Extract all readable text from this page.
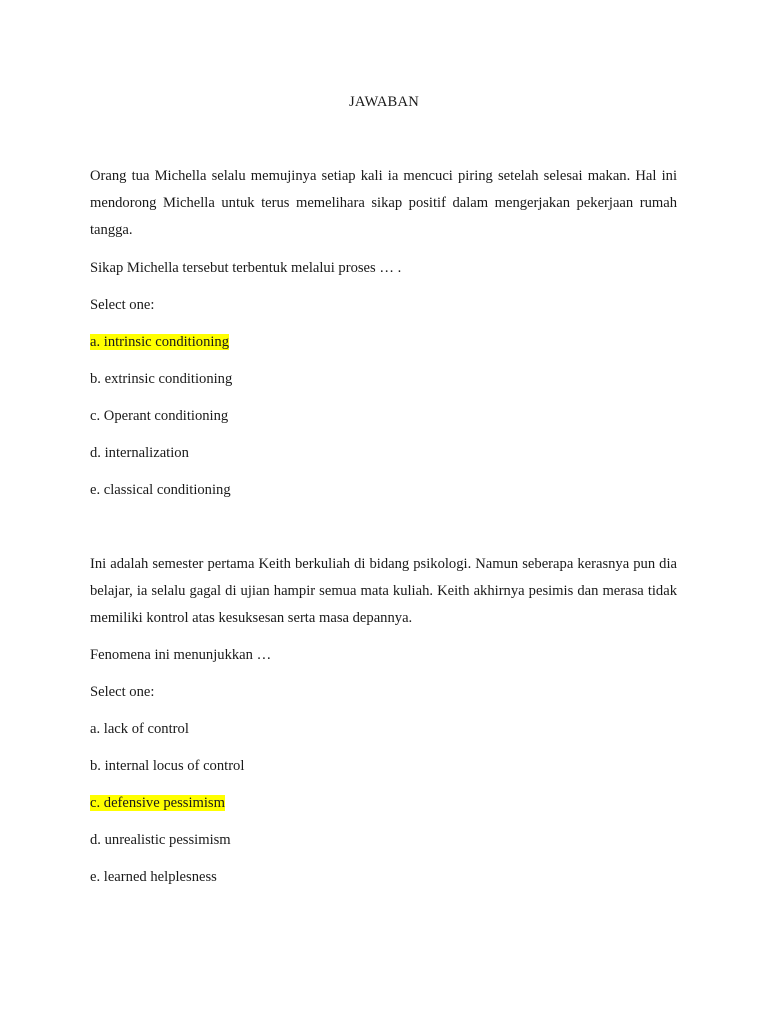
JAWABAN
Orang tua Michella selalu memujinya setiap kali ia mencuci piring setelah selesai makan. Hal ini mendorong Michella untuk terus memelihara sikap positif dalam mengerjakan pekerjaan rumah tangga.
Sikap Michella tersebut terbentuk melalui proses … .
Select one:
a. intrinsic conditioning
b. extrinsic conditioning
c. Operant conditioning
d. internalization
e. classical conditioning
Ini adalah semester pertama Keith berkuliah di bidang psikologi. Namun seberapa kerasnya pun dia belajar, ia selalu gagal di ujian hampir semua mata kuliah. Keith akhirnya pesimis dan merasa tidak memiliki kontrol atas kesuksesan serta masa depannya.
Fenomena ini menunjukkan …
Select one:
a. lack of control
b. internal locus of control
c. defensive pessimism
d. unrealistic pessimism
e. learned helplesness
